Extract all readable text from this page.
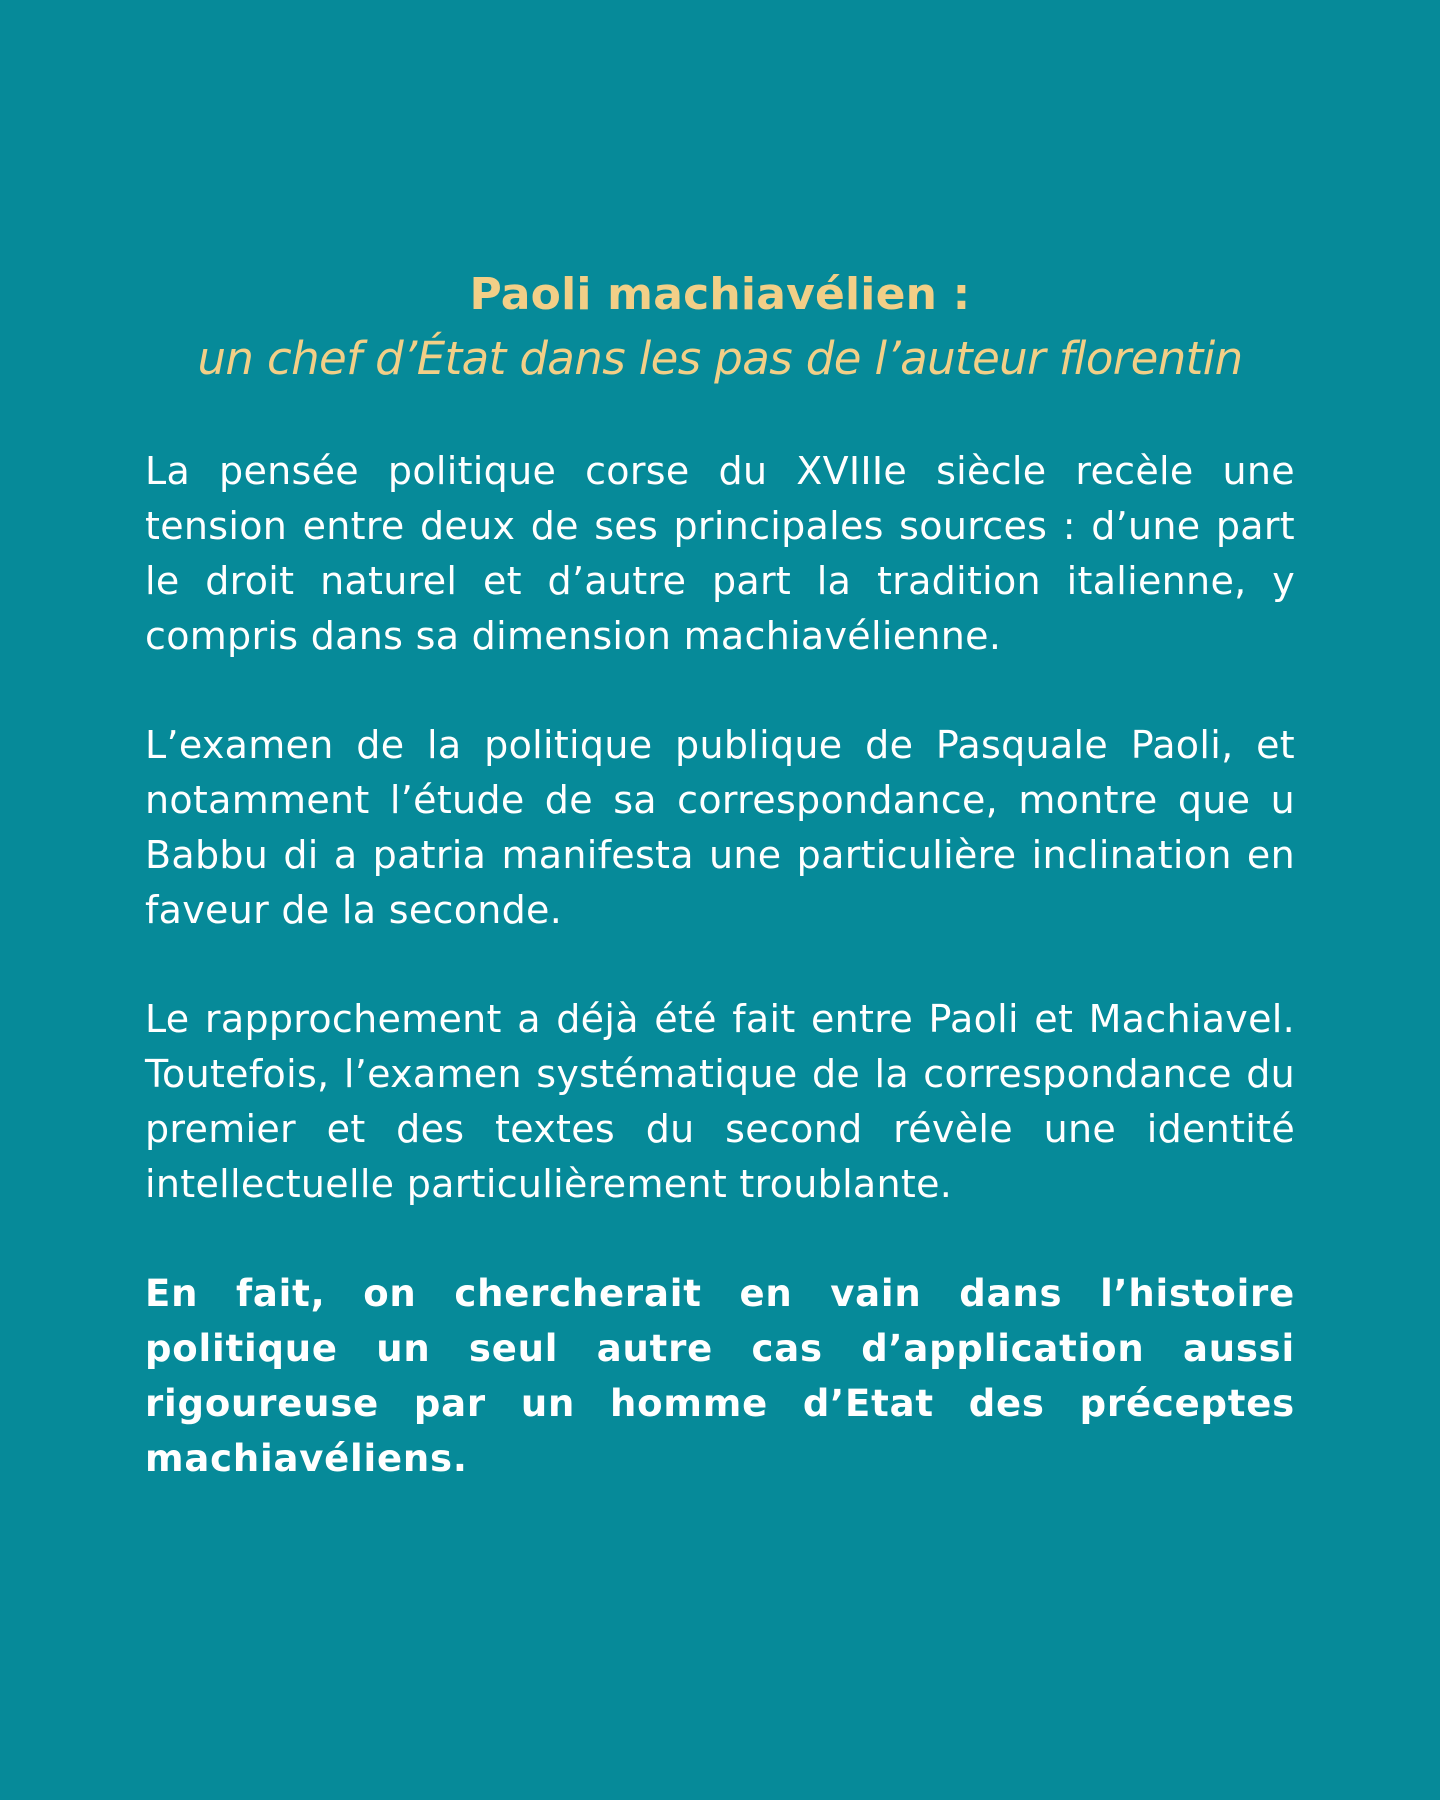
Paoli machiavélien :
un chef d’État dans les pas de l’auteur florentin

La pensée politique corse du XVIIIe siècle recèle une tension entre deux de ses principales sources : d’une part le droit naturel et d’autre part la tradition italienne, y compris dans sa dimension machiavélienne.

L’examen de la politique publique de Pasquale Paoli, et notamment l’étude de sa correspondance, montre que u Babbu di a patria manifesta une particulière inclination en faveur de la seconde.

Le rapprochement a déjà été fait entre Paoli et Machiavel. Toutefois, l’examen systématique de la correspondance du premier et des textes du second révèle une identité intellectuelle particulièrement troublante.

En fait, on chercherait en vain dans l’histoire politique un seul autre cas d’application aussi rigoureuse par un homme d’Etat des préceptes machiavéliens.
